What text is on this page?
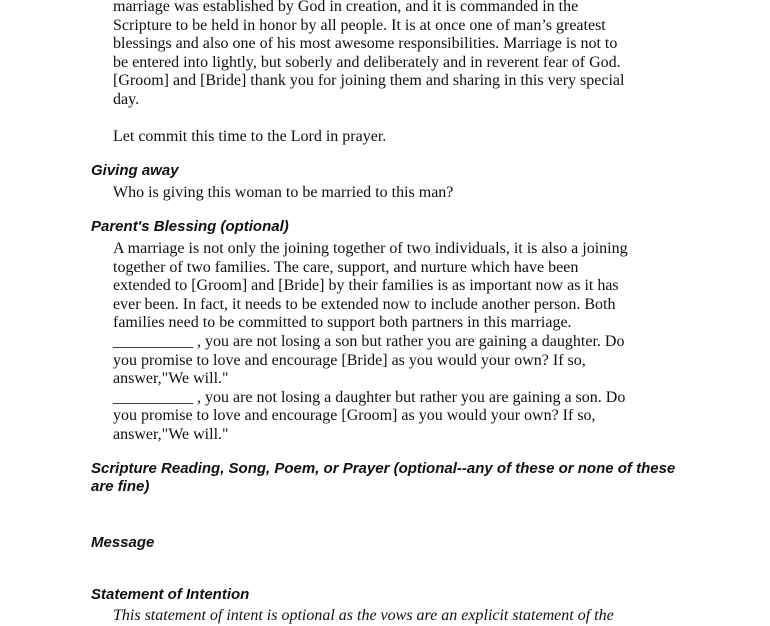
marriage was established by God in creation, and it is commanded in the
Scripture to be held in honor by all people. It is at once one of man’s greatest
blessings and also one of his most awesome responsibilities. Marriage is not to
be entered into lightly, but soberly and deliberately and in reverent fear of God.
[Groom] and [Bride] thank you for joining them and sharing in this very special
day.
Let commit this time to the Lord in prayer.
Giving away
Who is giving this woman to be married to this man?
Parent's Blessing (optional)
A marriage is not only the joining together of two individuals, it is also a joining
together of two families. The care, support, and nurture which have been
extended to [Groom] and [Bride] by their families is as important now as it has
ever been. In fact, it needs to be extended now to include another person. Both
families need to be committed to support both partners in this marriage.
__________ , you are not losing a son but rather you are gaining a daughter. Do
you promise to love and encourage [Bride] as you would your own? If so,
answer,"We will."
__________ , you are not losing a daughter but rather you are gaining a son. Do
you promise to love and encourage [Groom] as you would your own? If so,
answer,"We will."
Scripture Reading, Song, Poem, or Prayer (optional--any of these or none of these
are fine)
Message
Statement of Intention
This statement of intent is optional as the vows are an explicit statement of the
